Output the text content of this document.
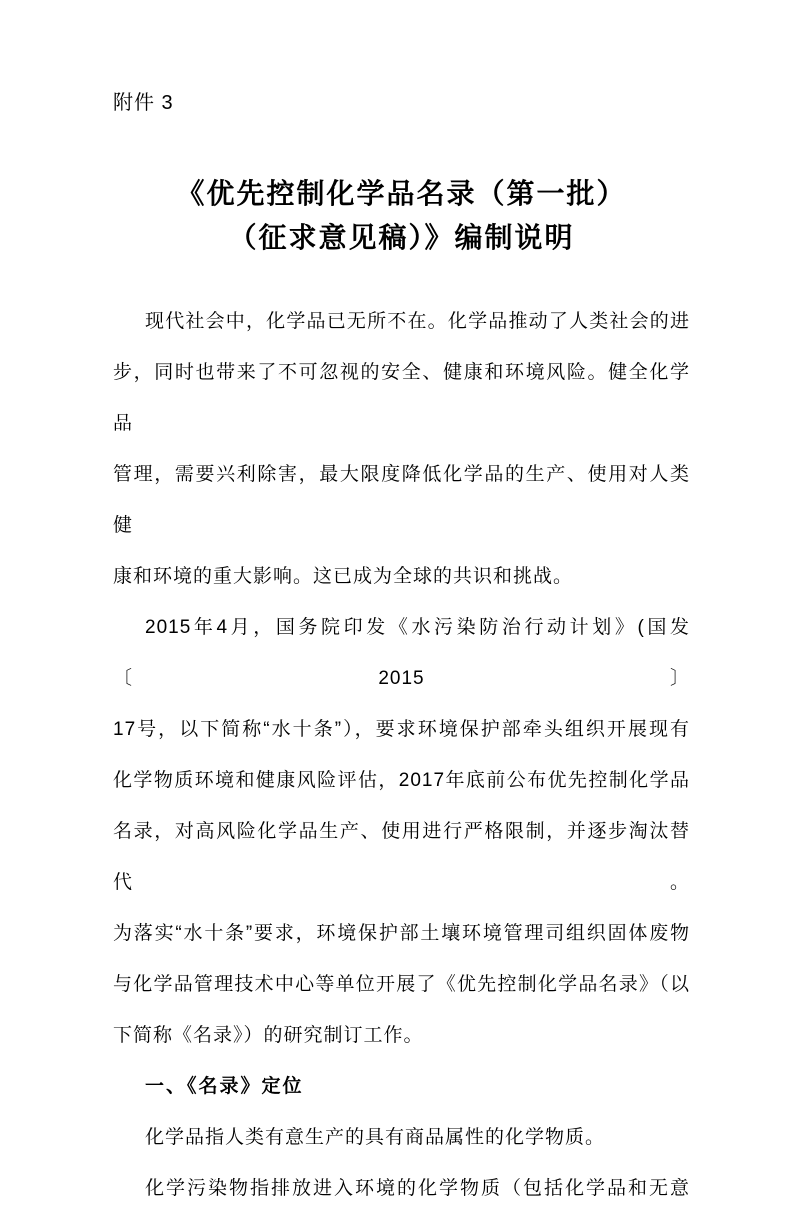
附件 3
《优先控制化学品名录（第一批）
（征求意见稿）》编制说明
现代社会中，化学品已无所不在。化学品推动了人类社会的进
步，同时也带来了不可忽视的安全、健康和环境风险。健全化学品
管理，需要兴利除害，最大限度降低化学品的生产、使用对人类健
康和环境的重大影响。这已成为全球的共识和挑战。
2015年4月，国务院印发《水污染防治行动计划》(国发〔2015〕
17号，以下简称“水十条”），要求环境保护部牵头组织开展现有
化学物质环境和健康风险评估，2017年底前公布优先控制化学品
名录，对高风险化学品生产、使用进行严格限制，并逐步淘汰替代。
为落实“水十条”要求，环境保护部土壤环境管理司组织固体废物
与化学品管理技术中心等单位开展了《优先控制化学品名录》（以
下简称《名录》）的研究制订工作。
一、《名录》定位
化学品指人类有意生产的具有商品属性的化学物质。
化学污染物指排放进入环境的化学物质（包括化学品和无意
